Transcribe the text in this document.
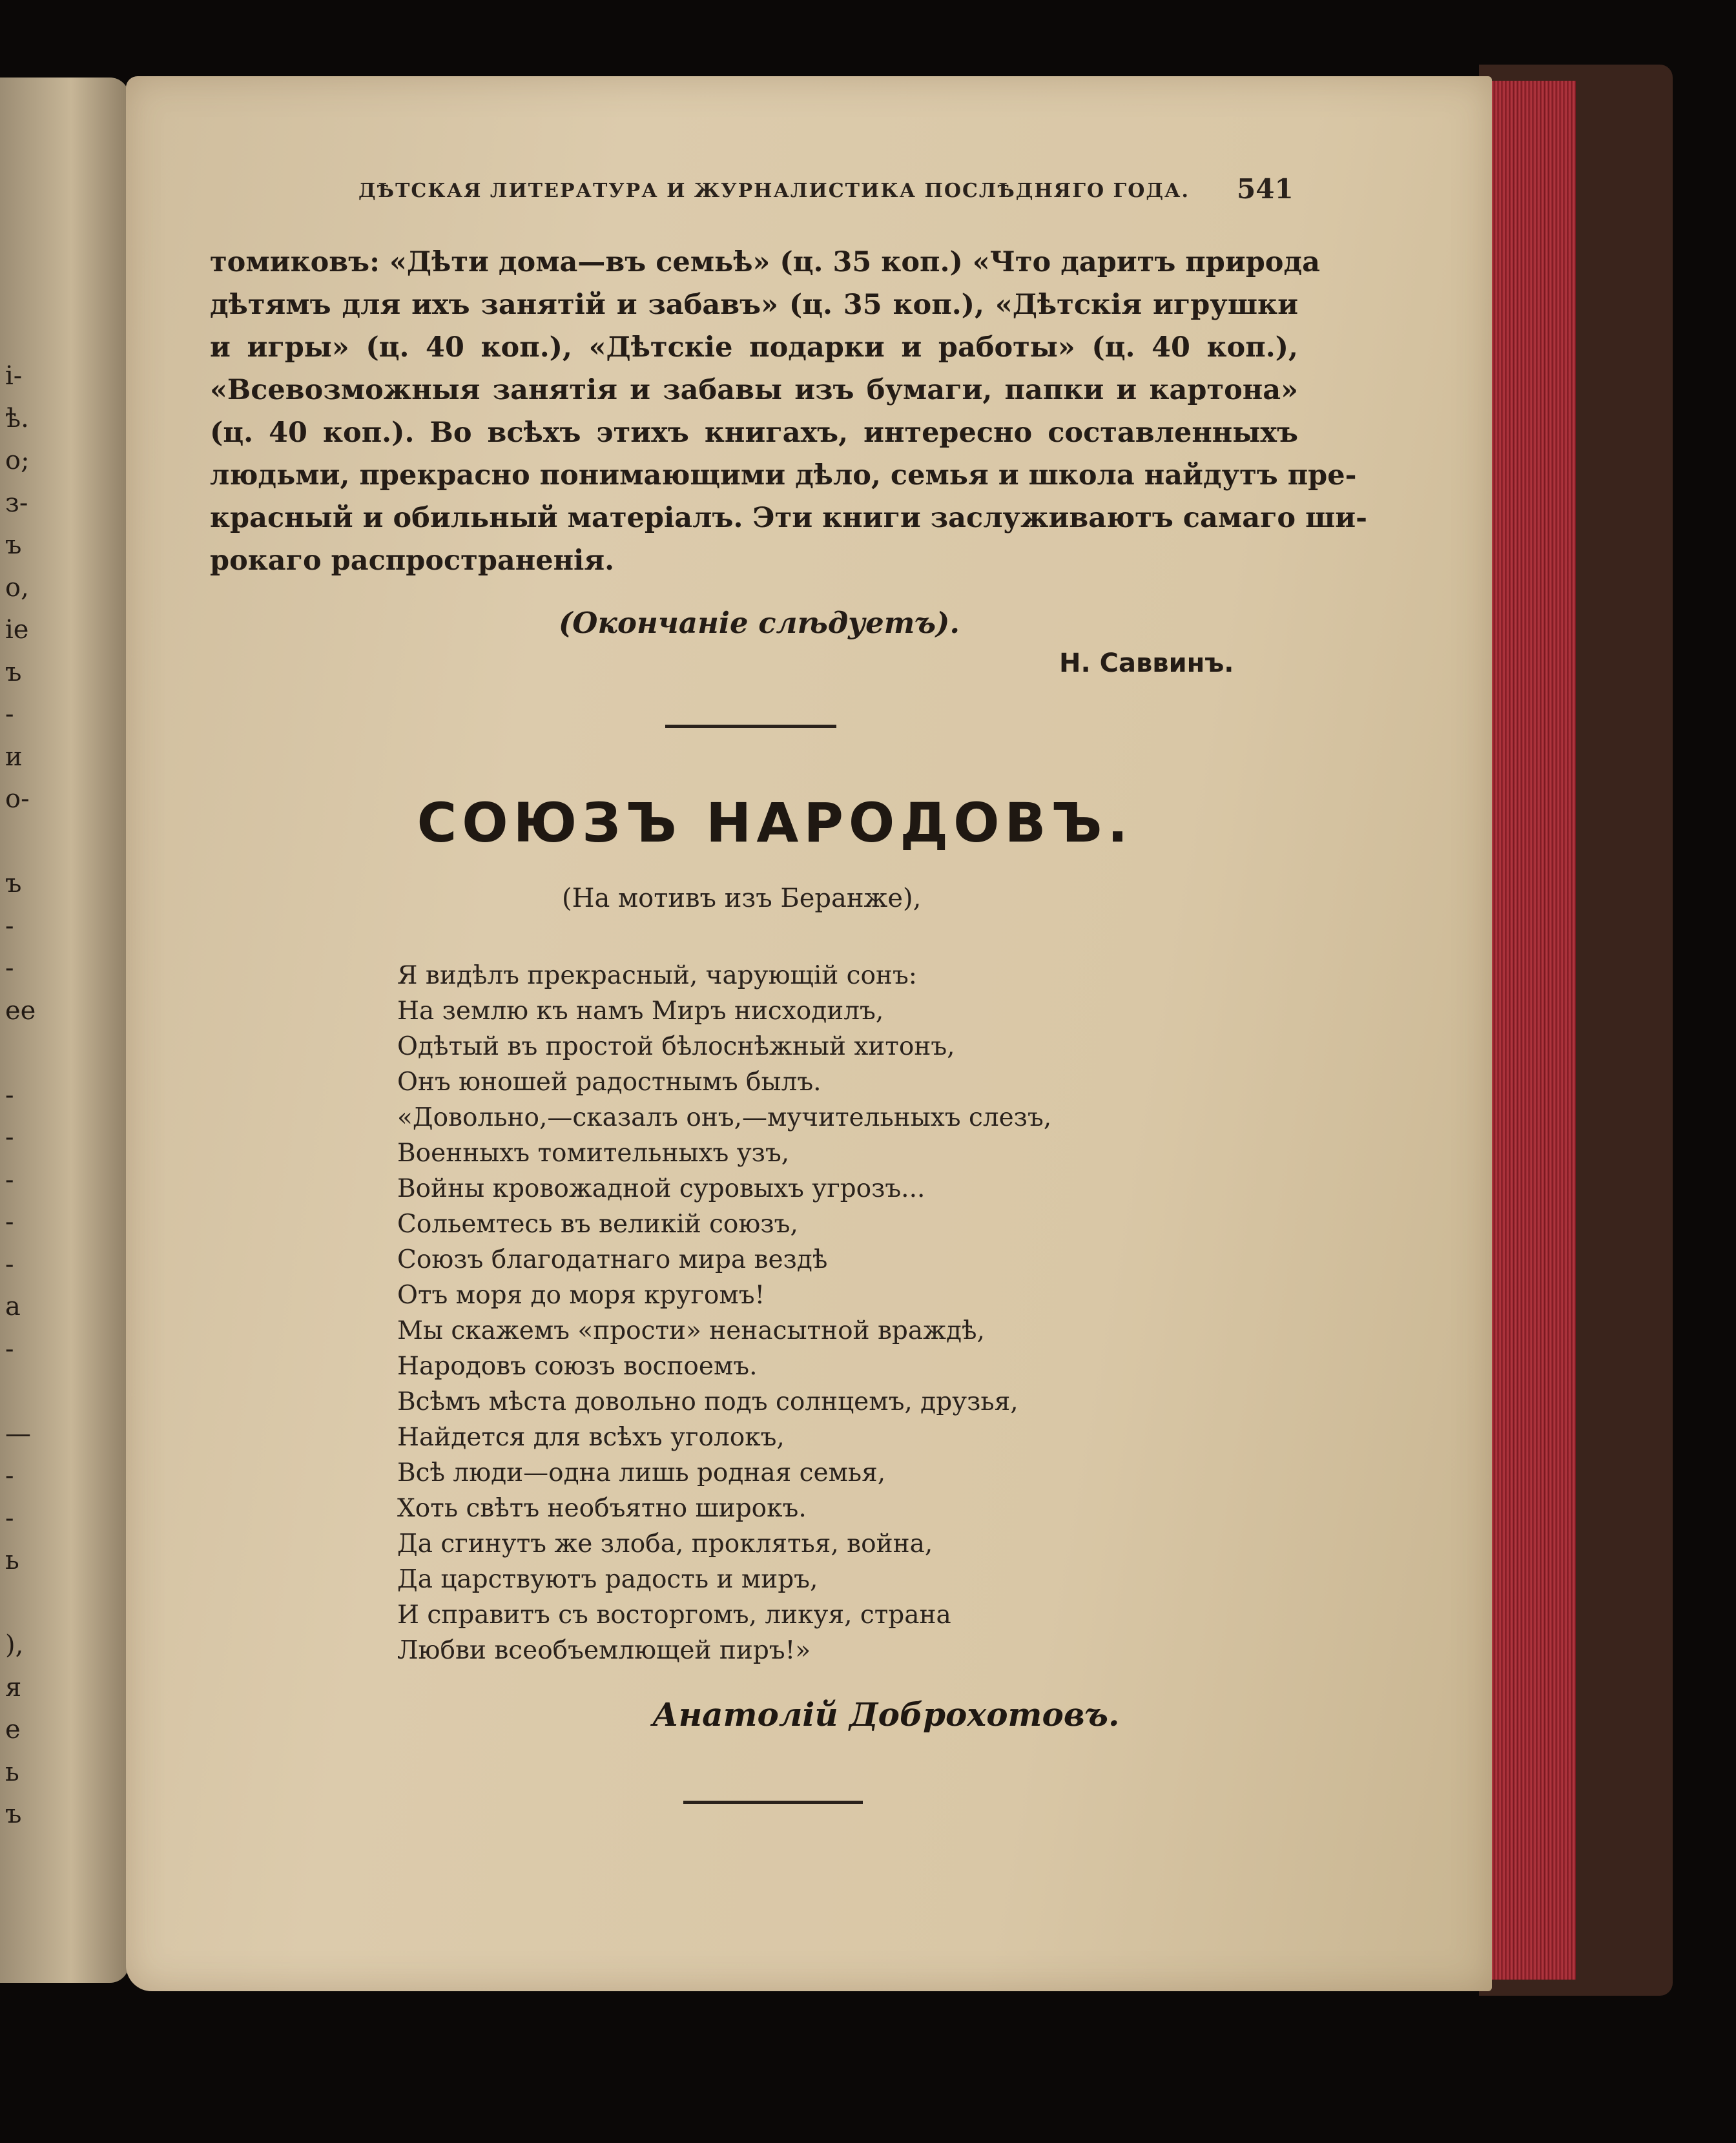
і-
ѣ.
о;
з-
ъ
о,
ie
ъ
-
и
о-
ъ
-
-
ее
-
-
-
-
-
а
-
—
-
-
ь
),
я
е
ь
ъ
ДѢТСКАЯ ЛИТЕРАТУРА И ЖУРНАЛИСТИКА ПОСЛѢДНЯГО ГОДА. 541
томиковъ: «Дѣти дома—въ семьѣ» (ц. 35 коп.) «Что даритъ природа
дѣтямъ для ихъ занятій и забавъ» (ц. 35 коп.), «Дѣтскія игрушки
и игры» (ц. 40 коп.), «Дѣтскіе подарки и работы» (ц. 40 коп.),
«Всевозможныя занятія и забавы изъ бумаги, папки и картона»
(ц. 40 коп.). Во всѣхъ этихъ книгахъ, интересно составленныхъ
людьми, прекрасно понимающими дѣло, семья и школа найдутъ пре-
красный и обильный матеріалъ. Эти книги заслуживаютъ самаго ши-
рокаго распространенія.
(Окончаніе слѣдуетъ).
Н. Саввинъ.
СОЮЗЪ НАРОДОВЪ.
(На мотивъ изъ Беранже),
Я видѣлъ прекрасный, чарующій сонъ:
На землю къ намъ Миръ нисходилъ,
Одѣтый въ простой бѣлоснѣжный хитонъ,
Онъ юношей радостнымъ былъ.
«Довольно,—сказалъ онъ,—мучительныхъ слезъ,
Военныхъ томительныхъ узъ,
Войны кровожадной суровыхъ угрозъ...
Сольемтесь въ великій союзъ,
Союзъ благодатнаго мира вездѣ
Отъ моря до моря кругомъ!
Мы скажемъ «прости» ненасытной враждѣ,
Народовъ союзъ воспоемъ.
Всѣмъ мѣста довольно подъ солнцемъ, друзья,
Найдется для всѣхъ уголокъ,
Всѣ люди—одна лишь родная семья,
Хоть свѣтъ необъятно широкъ.
Да сгинутъ же злоба, проклятья, война,
Да царствуютъ радость и миръ,
И справитъ съ восторгомъ, ликуя, страна
Любви всеобъемлющей пиръ!»
Анатолій Доброхотовъ.
